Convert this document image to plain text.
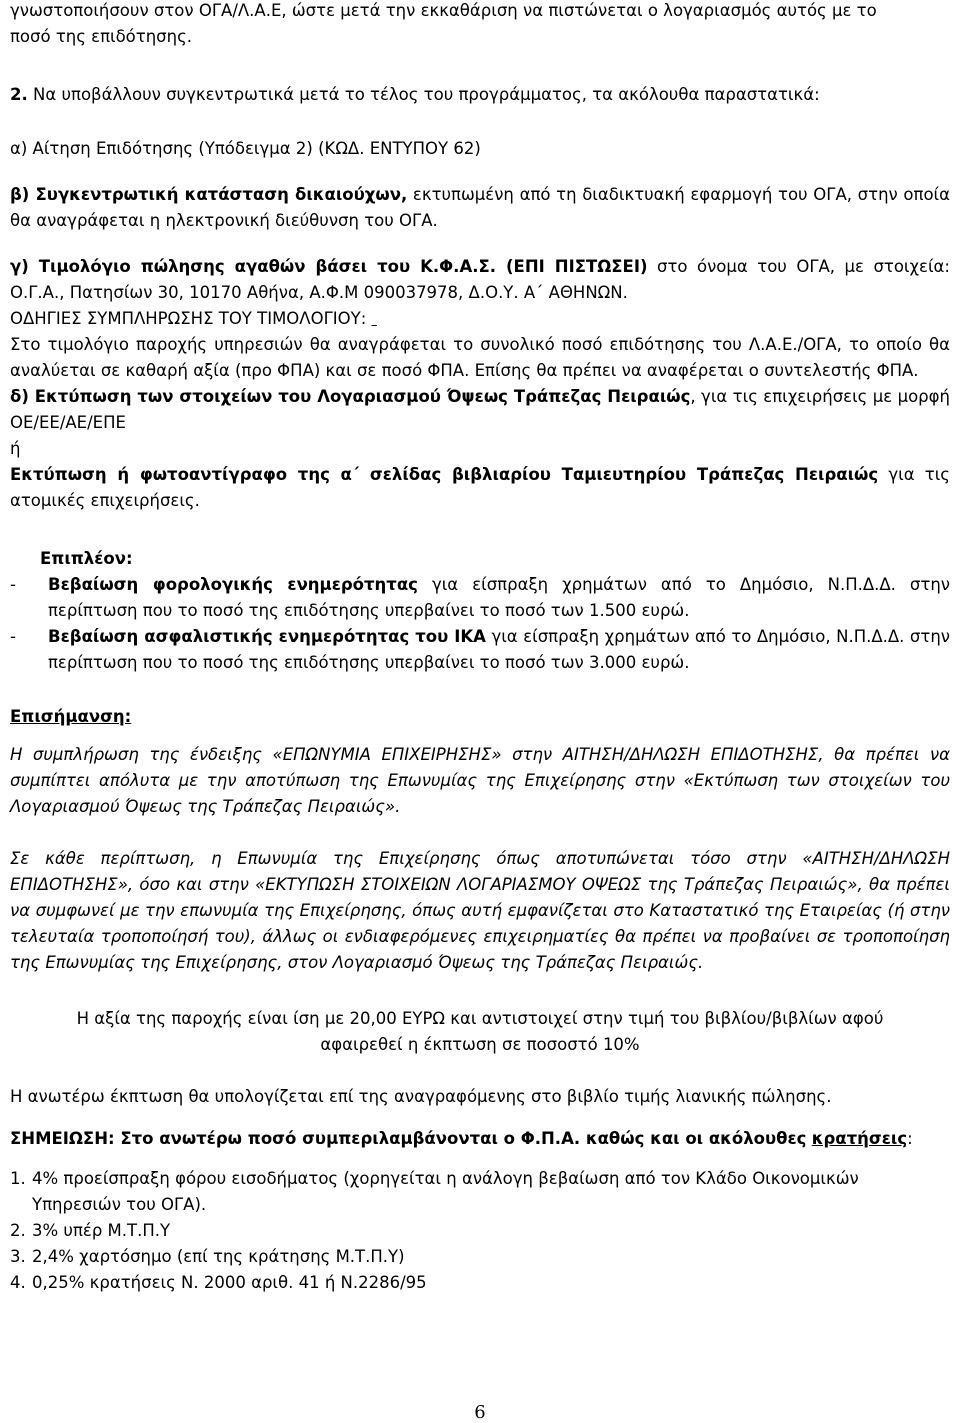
γνωστοποιήσουν στον ΟΓΑ/Λ.Α.Ε, ώστε μετά την εκκαθάριση να πιστώνεται ο λογαριασμός αυτός με το

ποσό της επιδότησης.

2. Να υποβάλλουν συγκεντρωτικά μετά το τέλος του προγράμματος, τα ακόλουθα παραστατικά:

α) Αίτηση Επιδότησης (Υπόδειγμα 2) (ΚΩΔ. ΕΝΤΥΠΟΥ 62)

β) Συγκεντρωτική κατάσταση δικαιούχων, εκτυπωμένη από τη διαδικτυακή εφαρμογή του ΟΓΑ, στην οποία θα αναγράφεται η ηλεκτρονική διεύθυνση του ΟΓΑ.

γ) Τιμολόγιο πώλησης αγαθών βάσει του Κ.Φ.Α.Σ. (ΕΠΙ ΠΙΣΤΩΣΕΙ) στο όνομα του ΟΓΑ, με στοιχεία: Ο.Γ.Α., Πατησίων 30, 10170 Αθήνα, Α.Φ.Μ 090037978, Δ.Ο.Υ. Α΄ ΑΘΗΝΩΝ.

ΟΔΗΓΙΕΣ ΣΥΜΠΛΗΡΩΣΗΣ ΤΟΥ ΤΙΜΟΛΟΓΙΟΥ:

Στο τιμολόγιο παροχής υπηρεσιών θα αναγράφεται το συνολικό ποσό επιδότησης του Λ.Α.Ε./ΟΓΑ, το οποίο θα αναλύεται σε καθαρή αξία (προ ΦΠΑ) και σε ποσό ΦΠΑ. Επίσης θα πρέπει να αναφέρεται ο συντελεστής ΦΠΑ.

δ) Εκτύπωση των στοιχείων του Λογαριασμού Όψεως Τράπεζας Πειραιώς, για τις επιχειρήσεις με μορφή ΟΕ/ΕΕ/ΑΕ/ΕΠΕ

ή

Εκτύπωση ή φωτοαντίγραφο της α΄ σελίδας βιβλιαρίου Ταμιευτηρίου Τράπεζας Πειραιώς για τις ατομικές επιχειρήσεις.

Επιπλέον:

-	Βεβαίωση φορολογικής ενημερότητας για είσπραξη χρημάτων από το Δημόσιο, Ν.Π.Δ.Δ. στην περίπτωση που το ποσό της επιδότησης υπερβαίνει το ποσό των 1.500 ευρώ.
-	Βεβαίωση ασφαλιστικής ενημερότητας του ΙΚΑ για είσπραξη χρημάτων από το Δημόσιο, Ν.Π.Δ.Δ. στην περίπτωση που το ποσό της επιδότησης υπερβαίνει το ποσό των 3.000 ευρώ.

Επισήμανση:

Η συμπλήρωση της ένδειξης «ΕΠΩΝΥΜΙΑ ΕΠΙΧΕΙΡΗΣΗΣ» στην ΑΙΤΗΣΗ/ΔΗΛΩΣΗ ΕΠΙΔΟΤΗΣΗΣ, θα πρέπει να συμπίπτει απόλυτα με την αποτύπωση της Επωνυμίας της Επιχείρησης στην «Εκτύπωση των στοιχείων του Λογαριασμού Όψεως της Τράπεζας Πειραιώς».

Σε κάθε περίπτωση, η Επωνυμία της Επιχείρησης όπως αποτυπώνεται τόσο στην «ΑΙΤΗΣΗ/ΔΗΛΩΣΗ ΕΠΙΔΟΤΗΣΗΣ», όσο και στην «ΕΚΤΥΠΩΣΗ ΣΤΟΙΧΕΙΩΝ ΛΟΓΑΡΙΑΣΜΟΥ ΟΨΕΩΣ της Τράπεζας Πειραιώς», θα πρέπει να συμφωνεί με την επωνυμία της Επιχείρησης, όπως αυτή εμφανίζεται στο Καταστατικό της Εταιρείας (ή στην τελευταία τροποποίησή του), άλλως οι ενδιαφερόμενες επιχειρηματίες θα πρέπει να προβαίνει σε τροποποίηση της Επωνυμίας της Επιχείρησης, στον Λογαριασμό Όψεως της Τράπεζας Πειραιώς.

Η αξία της παροχής είναι ίση με 20,00 ΕΥΡΩ και αντιστοιχεί στην τιμή του βιβλίου/βιβλίων αφού

αφαιρεθεί η έκπτωση σε ποσοστό 10%

Η ανωτέρω έκπτωση θα υπολογίζεται επί της αναγραφόμενης στο βιβλίο τιμής λιανικής πώλησης.

ΣΗΜΕΙΩΣΗ: Στο ανωτέρω ποσό συμπεριλαμβάνονται ο Φ.Π.Α. καθώς και οι ακόλουθες κρατήσεις:

1. 4% προείσπραξη φόρου εισοδήματος (χορηγείται η ανάλογη βεβαίωση από τον Κλάδο Οικονομικών Υπηρεσιών του ΟΓΑ).
2. 3% υπέρ Μ.Τ.Π.Υ
3. 2,4% χαρτόσημο (επί της κράτησης Μ.Τ.Π.Υ)
4. 0,25% κρατήσεις Ν. 2000 αριθ. 41 ή Ν.2286/95
6
